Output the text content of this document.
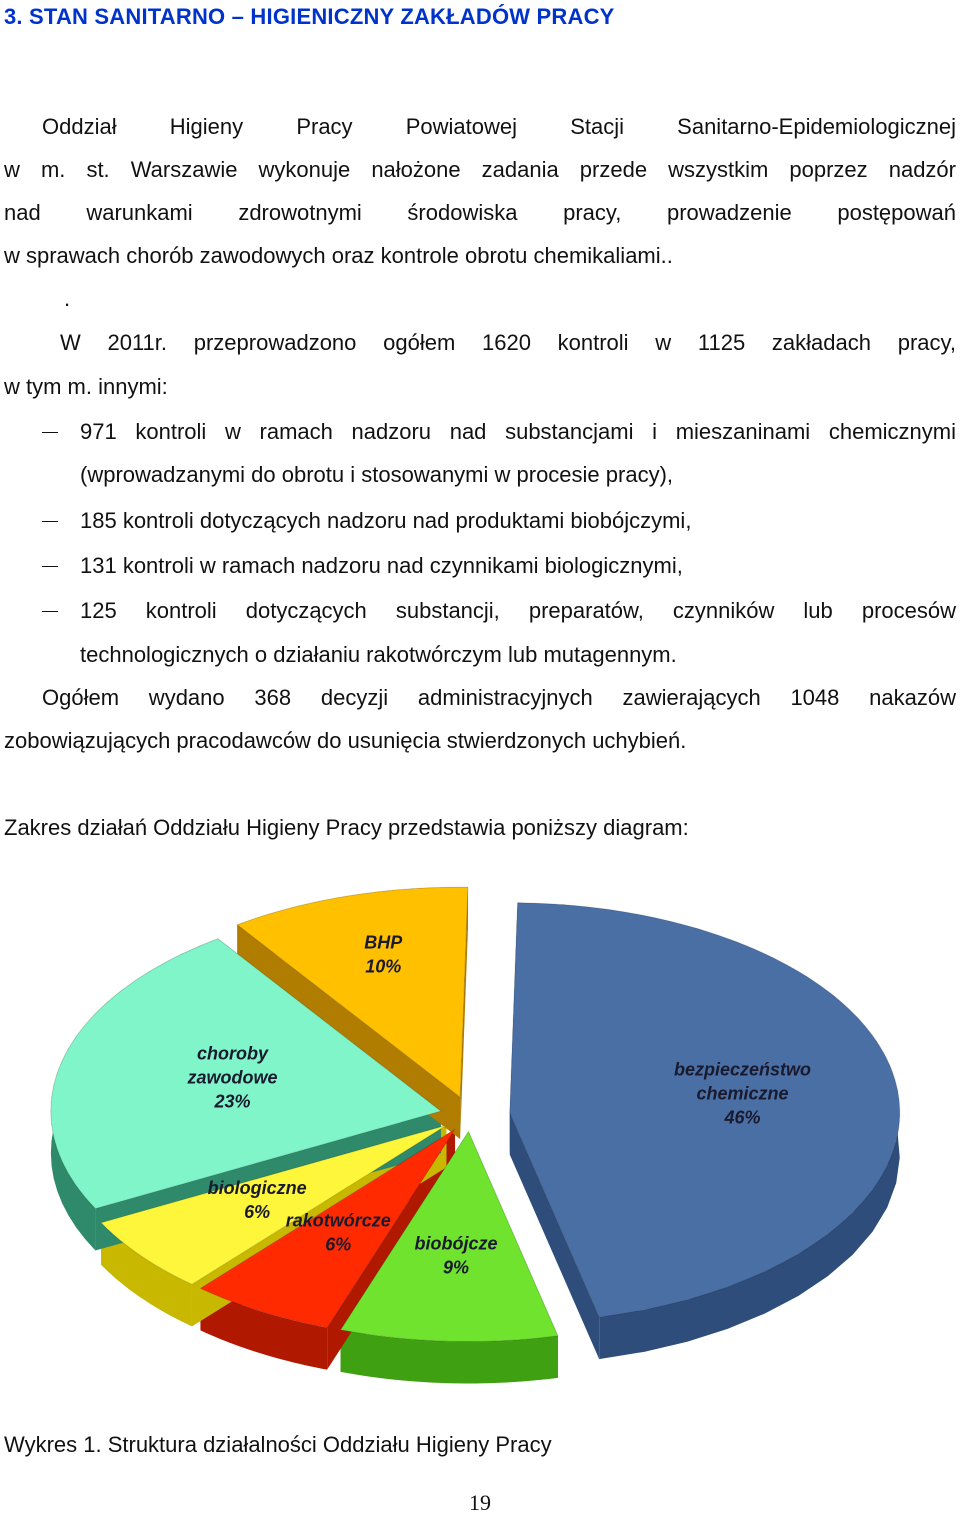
3. STAN SANITARNO – HIGIENICZNY ZAKŁADÓW PRACY
Oddział Higieny Pracy Powiatowej Stacji Sanitarno-Epidemiologicznej
w m. st. Warszawie wykonuje nałożone zadania przede wszystkim poprzez nadzór
nad warunkami zdrowotnymi środowiska pracy, prowadzenie postępowań
w sprawach chorób zawodowych oraz kontrole obrotu chemikaliami..
.
W 2011r. przeprowadzono ogółem 1620 kontroli w 1125 zakładach pracy,
w tym m. innymi:
971 kontroli w ramach nadzoru nad substancjami i mieszaninami chemicznymi
(wprowadzanymi do obrotu i stosowanymi w procesie pracy),
185 kontroli dotyczących nadzoru nad produktami biobójczymi,
131 kontroli w ramach nadzoru nad czynnikami biologicznymi,
125 kontroli dotyczących substancji, preparatów, czynników lub procesów
technologicznych o działaniu rakotwórczym lub mutagennym.
Ogółem wydano 368 decyzji administracyjnych zawierających 1048 nakazów
zobowiązujących pracodawców do usunięcia stwierdzonych uchybień.
Zakres działań Oddziału Higieny Pracy przedstawia poniższy diagram:
bezpieczeństwo chemiczne 46%
biobójcze 9%
rakotwórcze 6%
biologiczne 6%
choroby zawodowe 23%
BHP 10%
Wykres 1. Struktura działalności Oddziału Higieny Pracy
19
